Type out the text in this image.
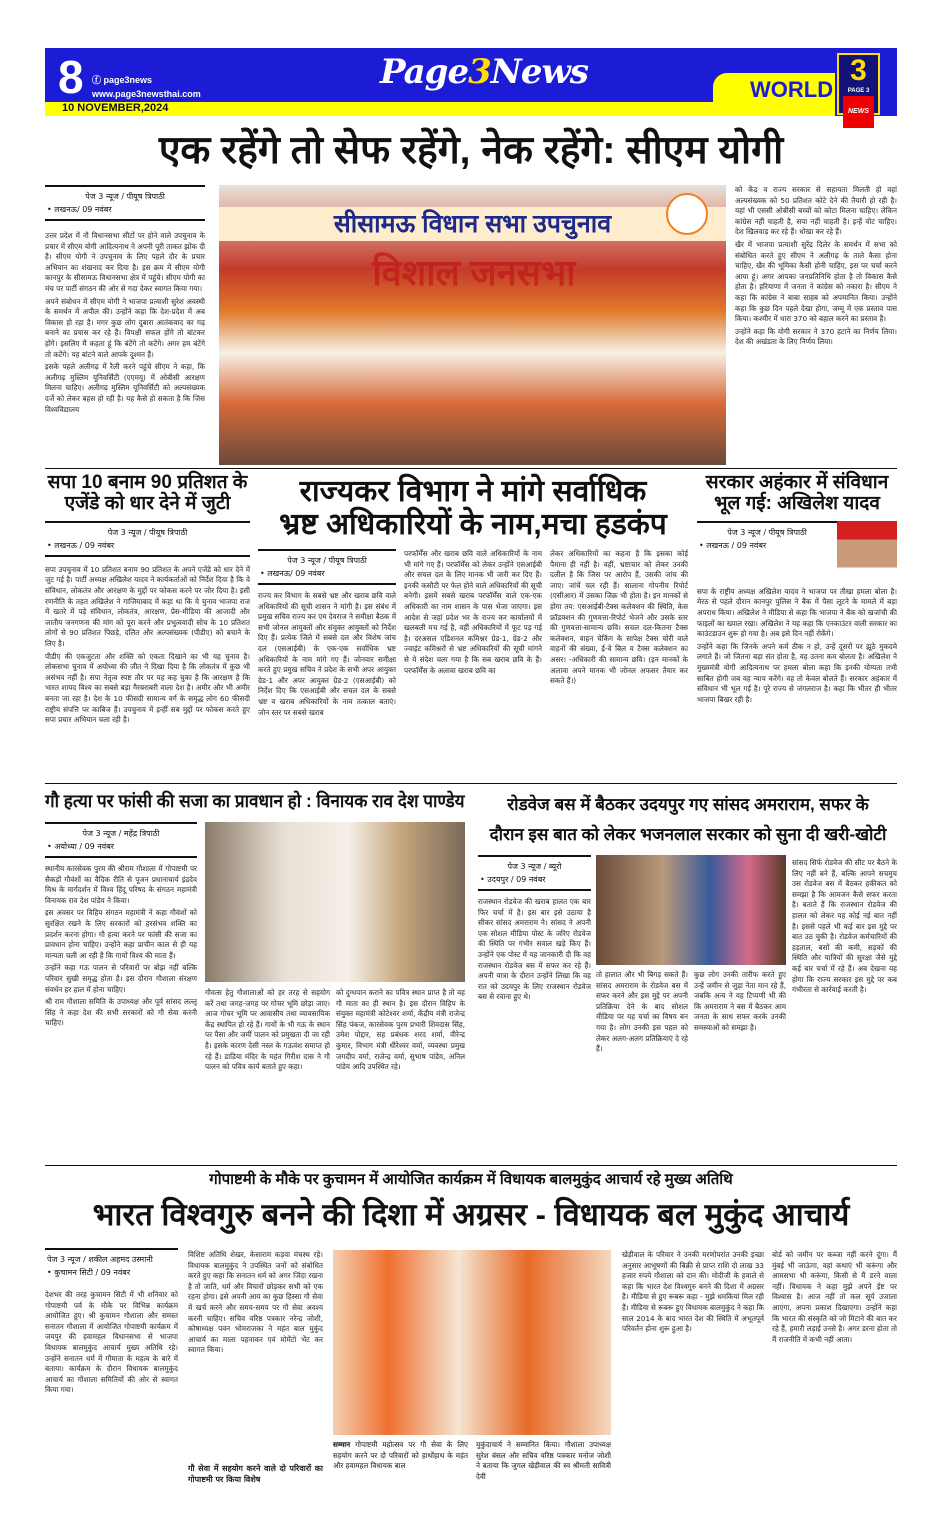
8 ⓕ page3news
www.page3newsthai.com
10 NOVEMBER,2024
Page3News	WORLD
3
PAGE 3
NEWS
एक रहेंगे तो सेफ रहेंगे, नेक रहेंगे: सीएम योगी
पेज 3 न्यूज / पीयूष त्रिपाठी
• लखनऊ/ 09 नवंबर

उत्तर प्रदेश में नौ विधानसभा सीटों पर होने वाले उपचुनाव के प्रचार में सीएम योगी आदित्यनाथ ने अपनी पूरी ताकत झोंक दी है। सीएम योगी ने उपचुनाव के लिए पहले दौर के प्रचार अभियान का शंखनाद कर दिया है। इस क्रम में सीएम योगी कानपुर के सीसामऊ विधानसभा क्षेत्र में पहुंचे। सीएम योगी का मंच पर पार्टी संगठन की ओर से गदा देकर स्वागत किया गया।

अपने संबोधन में सीएम योगी ने भाजपा प्रत्याशी सुरेश अवस्थी के समर्थन में अपील की। उन्होंने कहा कि देश-प्रदेश में अब विकास हो रहा है। मगर कुछ लोग दुबारा आतंकवाद का गढ़ बनाने का प्रयास कर रहे हैं। विपक्षी सफल होंगे तो बांटकर होंगे। इसलिए मैं कहता हूं कि बंटेंगे तो कटेंगे। अगर हम बंटेंगे तो कटेंगे। यह बांटने वाले आपके दुश्मन हैं।

इसके पहले अलीगढ़ में रैली करने पहुंचे सीएम ने कहा, कि अलीगढ़ मुस्लिम यूनिवर्सिटी (एएमयू) में ओबीसी आरक्षण मिलना चाहिए। अलीगढ़ मुस्लिम यूनिवर्सिटी को अल्पसंख्यक दर्जे को लेकर बहस हो रही है। यह कैसे हो सकता है कि जिस विश्वविद्यालय

सीसामऊ विधान सभा उपचुनाव
विशाल जनसभा

को केंद्र व राज्य सरकार से सहायता मिलती हो वहां अल्पसंख्यक को 50 प्रतिशत कोटे देने की तैयारी हो रही है। यहां भी एससी ओबीसी बच्चों को कोटा मिलना चाहिए। लेकिन कांग्रेस नहीं चाहती है, सपा नहीं चाहती है। इन्हें वोट चाहिए। देश खिलवाड़ कर रहे हैं। धोखा कर रहे हैं।

खैर में भाजपा प्रत्याशी सुरेंद्र दिलेर के समर्थन में सभा को संबोधित करते हुए सीएम ने अलीगढ़ के ताले कैसा होना चाहिए, खैर की भूमिका कैसी होनी चाहिए, इस पर चर्चा करने आया हूं। अगर आपका जनप्रतिनिधि होता है तो विकास कैसे होता है। हरियाणा में जनता ने कांग्रेस को नकारा है। सीएम ने कहा कि कांग्रेस ने बाबा साहब को अपमानित किया। उन्होंने कहा कि कुछ दिन पहले देखा होगा, जम्मू में एक प्रस्ताव पास किया। कश्मीर में धारा 370 को बहाल करने का प्रस्ताव है।

उन्होंने कहा कि योगी सरकार ने 370 हटाने का निर्णय लिया। देश की अखंडता के लिए निर्णय लिया।

सपा 10 बनाम 90 प्रतिशत के एजेंडे को धार देने में जुटी
पेज 3 न्यूज / पीयूष त्रिपाठी
• लखनऊ / 09 नवंबर

सपा उपचुनाव में 10 प्रतिशत बनाम 90 प्रतिशत के अपने एजेंडे को धार देने में जुट गई है। पार्टी अध्यक्ष अखिलेश यादव ने कार्यकर्ताओं को निर्देश दिया है कि वे संविधान, लोकतंत्र और आरक्षण के मुद्दों पर फोकस करने पर जोर दिया है। इसी रणनीति के तहत अखिलेश ने गाजियाबाद में कहा था कि ये चुनाव भाजपा राज में खतरे में पड़े संविधान, लोकतंत्र, आरक्षण, प्रेस-मीडिया की आजादी और जातीय जनगणना की मांग को पूरा करने और प्रभुत्ववादी सोच के 10 प्रतिशत लोगों से 90 प्रतिशत पिछड़े, दलित और अल्पसंख्यक (पीडीए) को बचाने के लिए है।

पीडीए की एकजुटता और शक्ति को एकता दिखाने का भी यह चुनाव है। लोकसभा चुनाव में अयोध्या की जीत ने दिखा दिया है कि लोकतंत्र में कुछ भी असंभव नहीं है। सपा नेतृत्व स्पष्ट तौर पर यह कह चुका है कि आरक्षण है कि भारत शायद विश्व का सबसे बड़ा गैरबराबरी वाला देश है। अमीर और भी अमीर बनता जा रहा है। देश के 10 फीसदी सामान्य वर्ग के समृद्ध लोग 60 फीसदी राष्ट्रीय संपत्ति पर काबिज हैं। उपचुनाव में इन्हीं सब मुद्दों पर फोकस करते हुए सपा प्रचार अभियान चला रही है।

राज्यकर विभाग ने मांगे सर्वाधिक
भ्रष्ट अधिकारियों के नाम,मचा हडकंप
पेज 3 न्यूज / पीयूष त्रिपाठी
• लखनऊ/ 09 नवंबर
राज्य कर विभाग के सबसे भ्रष्ट और खराब छवि वाले अधिकारियों की सूची शासन ने मांगी है। इस संबंध में प्रमुख सचिव राज्य कर एम देवराज ने समीक्षा बैठक में सभी जोनल आयुक्तों और संयुक्त आयुक्तों को निर्देश दिए हैं। प्रत्येक जिले में सबसे दल और विशेष जांच दल (एसआईबी) के एक-एक सर्वाधिक भ्रष्ट अधिकारियों के नाम मांगे गए हैं। जोनवार समीक्षा करते हुए प्रमुख सचिव ने प्रदेश के सभी अपर आयुक्त ग्रेड-1 और अपर आयुक्त ग्रेड-2 (एसआईबी) को निर्देश दिए कि एसआईबी और सचल दल के सबसे भ्रष्ट व खराब अधिकारियों के नाम तत्काल बताएं। जोन स्तर पर सबसे खराब
परफॉर्मेंस और खराब छवि वाले अधिकारियों के नाम भी मांगे गए हैं। परफॉर्मेंस को लेकर उन्होंने एसआईबी और सचल दल के लिए मानक भी जारी कर दिए हैं। इनकी कसौटी पर फेल होने वाले अधिकारियों की सूची बनेगी। इसमें सबसे खराब परफॉर्मेंस वाले एक-एक अधिकारी का नाम शासन के पास भेजा जाएगा। इस आदेश से जहां प्रदेश भर के राज्य कर कार्यालयों में खलबली मच गई है, वहीं अधिकारियों में फूट पड़ गई है। दरअसल एडिशनल कमिश्नर ग्रेड-1, ग्रेड-2 और ज्वाइंट कमिश्नरों से भ्रष्ट अधिकारियों की सूची मांगने से ये संदेश चला गया है कि सब खराब छवि के हैं। परफॉर्मेंस के अलावा खराब छवि का
लेकर अधिकारियों का कहना है कि इसका कोई पैमाना ही नहीं है। वहीं, भ्रष्टाचार को लेकर उनकी दलील है कि जिस पर आरोप हैं, उसकी जांच की जाए। जांचें चल रही हैं। सालाना गोपनीय रिपोर्ट (एसीआर) में उसका जिक्र भी होता है। इन मानकों से होगा तय: एसआईबी-टैक्स कलेक्शन की स्थिति, केस फ्रॉडक्शन की गुणवत्ता-रिपोर्ट भेजने और उसके स्तर की गुणवत्ता-सामान्य छवि। सचल दल-कितना टैक्स कलेक्शन, वाहन चेकिंग के सापेक्ष टैक्स चोरी वाले वाहनों की संख्या, ई-वे बिल व टैक्स कलेक्शन का असर। -अधिकारी की सामान्य छवि। (इन मानकों के अलावा अपने मानक भी जोनल अफसर तैयार कर सकते हैं।)
सरकार अहंकार में संविधान भूल गई: अखिलेश यादव
पेज 3 न्यूज / पीयूष त्रिपाठी
• लखनऊ / 09 नवंबर

सपा के राष्ट्रीय अध्यक्ष अखिलेश यादव ने भाजपा पर तीखा हमला बोला है। मेरठ से पहले दौरान कानपुर पुलिस ने बैंक में पैसा लूटने के मामले में बड़ा अपराध किया। अखिलेश ने मीडिया से कहा कि भाजपा ने बैंक को खजांची की फाइलों का ख्याल रखा। अखिलेश ने यह कहा कि एनकाउंटर वाली सरकार का काउंटडाउन शुरू हो गया है। अब इसे दिन नहीं रोकेंगे।

उन्होंने कहा कि जिनके अपने कर्म ठीक न हो, उन्हें दूसरों पर झूठे मुकदमे लगाते हैं। जो जितना बड़ा संत होता है, वह उतना कम बोलता है। अखिलेश ने मुख्यमंत्री योगी आदित्यनाथ पर हमला बोला कहा कि इनकी योग्यता तभी साबित होगी जब वह न्याय करेंगे। वह तो केवल बोलते हैं। सरकार अहंकार में संविधान भी भूल गई है। पूरे राज्य से जंगलराज है। कहा कि भीतर ही भीतर भाजपा बिखर रही है।

गौ हत्या पर फांसी की सजा का प्रावधान हो : विनायक राव देश पाण्डेय
पेज 3 न्यूज / महेंद्र त्रिपाठी
• अयोध्या / 09 नवंबर

स्थानीय कारसेवक पुरम की श्रीराम गौशाला में गोपाष्टमी पर सैकड़ों गौवंशों का वैदिक रीति से पूजन प्रधानाचार्य इंद्रदेव मिश्र के मार्गदर्शन में विश्व हिंदू परिषद के संगठन महामंत्री विनायक राव देश पांडेय ने किया।

इस अवसर पर विहिप संगठन महामंत्री ने कहा गौवंशों को सुरक्षित रखने के लिए सरकारों को हरसंभव शक्ति का प्रदर्शन करना होगा। गौ हत्या करने पर फांसी की सजा का प्रावधान होना चाहिए। उन्होंने कहा प्राचीन काल से ही यह मान्यता चली आ रही है कि गायों विश्व की माता हैं।

उन्होंने कहा गऊ पालन से परिवारों पर बोझ नहीं बल्कि परिवार सुखी समृद्ध होता है। इस दौरान गौशाला संरक्षण संवर्धन हर हाल में होना चाहिए।

श्री राम गौशाला समिति के उपाध्यक्ष और पूर्व सांसद लल्लू सिंह ने कहा देश की सभी सरकारों को गौ सेवा करनी चाहिए।

गौवत्स हेतु गौशालाओं को हर तरह से सहयोग करें तथा जगह-जगह पर गोचर भूमि छोड़ा जाए। आज गोचर भूमि पर आवासीय तथा व्यावसायिक केंद्र स्थापित हो रहे हैं। गायों के भी गऊ के स्थान पर पैसा और जमीं पालन को प्रमुखता दी जा रही है। इसके कारण देसी नस्ल के गऊवंश समाप्त हो रहे हैं। डाडिया मंदिर के महंत गिरीश दास ने गौ पालन को पवित्र कार्य बताते हुए कहा।
को दुग्धपान कराने का पवित्र स्थान प्राप्त है तो वह गौ माता का ही स्थान है। इस दौरान विहिप के संयुक्त महामंत्री कोटेश्वर शर्मा, केंद्रीय मंत्री राजेन्द्र सिंह पंकज, कारसेवक पुरम प्रभारी शिवदास सिंह, उमेश पोद्दार, सह प्रबंधक शरद शर्मा, वीरेन्द्र कुमार, विभाग मंत्री धीरेश्वर वर्मा, व्यवस्था प्रमुख जगदीप वर्मा, राजेन्द्र वर्मा, सुभाष पांडेय, अनिल पांडेय आदि उपस्थित रहे।
रोडवेज बस में बैठकर उदयपुर गए सांसद अमराराम, सफर के
दौरान इस बात को लेकर भजनलाल सरकार को सुना दी खरी-खोटी
पेज 3 न्यूज / ब्यूरो
• उदयपुर / 09 नवंबर
राजस्थान रोडवेज की खराब हालत एक बार फिर चर्चा में है। इस बार इसे उठाया है सीकर सांसद अमराराम ने। सांसद ने अपनी एक सोशल मीडिया पोस्ट के जरिए रोडवेज की स्थिति पर गंभीर सवाल खड़े किए हैं। उन्होंने एक पोस्ट में यह जानकारी दी कि वह राजस्थान रोडवेज बस में सफर कर रहे हैं। अपनी यात्रा के दौरान उन्होंने लिखा कि वह रात को उदयपुर के लिए राजस्थान रोडवेज बस से रवाना हुए थे।
तो हालात और भी बिगड़ सकते हैं। सांसद अमराराम के रोडवेज बस में सफर करने और इस मुद्दे पर अपनी प्रतिक्रिया देने के बाद सोशल मीडिया पर यह चर्चा का विषय बन गया है। लोग उनकी इस पहल को लेकर अलग-अलग प्रतिक्रियाएं दे रहे हैं।
कुछ लोग उनकी तारीफ करते हुए उन्हें जमीन से जुड़ा नेता मान रहे हैं, जबकि अन्य ने यह टिप्पणी भी की कि अमराराम ने बस में बैठकर आम जनता के साथ सफर करके उनकी समस्याओं को समझा है।
सांसद सिर्फ रोडवेज की सीट पर बैठने के लिए नहीं बने हैं, बल्कि आपने सचमुच उस रोडवेज बस में बैठकर हकीकत को समझा है कि आमजन कैसे सफर करता है। बताते हैं कि राजस्थान रोडवेज की हालत को लेकर यह कोई नई बात नहीं है। इससे पहले भी कई बार इस मुद्दे पर बात उठ चुकी है। रोडवेज कर्मचारियों की हड़ताल, बसों की कमी, सड़कों की स्थिति और यात्रियों की सुरक्षा जैसे मुद्दे कई बार चर्चा में रहे हैं। अब देखना यह होगा कि राज्य सरकार इस मुद्दे पर कब गंभीरता से कार्रवाई करती है।
गोपाष्टमी के मौके पर कुचामन में आयोजित कार्यक्रम में विधायक बालमुकुंद आचार्य रहे मुख्य अतिथि
भारत विश्वगुरु बनने की दिशा में अग्रसर - विधायक बल मुकुंद आचार्य
पेज 3 न्यूज / शकील अहमद उस्मानी
• कुचामन सिटी / 09 नवंबर
देशभर की तरह कुचामन सिटी में भी शनिवार को गोपाष्टमी पर्व के मौके पर विभिन्न कार्यक्रम आयोजित हुए। श्री कुचामन गौशाला और समस्त सनातन गौशाला में आयोजित गोपाष्टमी कार्यक्रम में जयपुर की हवामहल विधानसभा से भाजपा विधायक बालमुकुंद आचार्य मुख्य अतिथि रहे। उन्होंने सनातन धर्म में गौमाता के महत्व के बारे में बताया। कार्यक्रम के दौरान विधायक बालमुकुंद आचार्य का गौशाला समितियों की ओर से स्वागत किया गया।
विशिष्ट अतिथि शेखर, केसाराम कड़वा मंचस्थ रहे। विधायक बालमुकुंद ने उपस्थित जनों को संबोधित करते हुए कहा कि सनातन धर्म को अगर जिंदा रखना है तो जाति, धर्म और विचारों छोड़कर सभी को एक रहना होगा। इसे अपनी आय का कुछ हिस्सा गौ सेवा में खर्च करने और समय-समय पर गौ सेवा अवश्य करनी चाहिए। सचिव वरिष्ठ पत्रकार नरेन्द्र जोशी, कोषाध्यक्ष पवन भोमराजका ने महंत बाल मुकुंद आचार्य का माला पहनाकर एवं मोमेंटो भेंट कर स्वागत किया।
गौ सेवा में सहयोग करने वाले दो परिवारों का गोपाष्टमी पर किया विशेष
सम्मान गोपाष्टमी महोत्सव पर गौ सेवा के लिए सहयोग करने पर दो परिवारों को हाथोंहाथ के महंत और हवामहल विधायक बाल
मुकुंदाचार्य ने सम्मानित किया। गौशाला उपाध्यक्ष सुरेश बंसल और सचिव वरिष्ठ पत्रकार मनोज जोशी ने बताया कि जुगल खेड़ीवाल की स्व श्रीमती सावित्री देवी
खेड़ीवाल के परिवार ने उनकी मरणोपरांत उनकी इच्छा अनुसार आभूषणों की बिक्री से प्राप्त राशि दो लाख 33 हजार रुपये गौशाला को दान की। मोदीजी के हवाले से कहा कि भारत देश विश्वगुरु बनने की दिशा में अग्रसर है। मीडिया से हुए रूबरू कहा - मुझे धमकियां मिल रही हैं। मीडिया से रूबरू हुए विधायक बालमुकुंद ने कहा कि साल 2014 के बाद भारत देश की स्थिति में अभूतपूर्व परिवर्तन होना शुरू हुआ है।
बोर्ड को जमीन पर कब्जा नहीं करने दूंगा। मैं मुंबई भी जाऊंगा, वहां कथाएं भी करूंगा और आमसभा भी करूंगा, किसी से मैं डरने वाला नहीं। विधायक ने कहा मुझे अपने ईष्ट पर विश्वास है। आज नहीं तो कल सूर्य उजाला आएगा, अपना प्रकाश दिखाएगा। उन्होंने कहा कि भारत की संस्कृति को जो मिटाने की बात कर रहे हैं, हमारी लड़ाई उनसे है। अगर डरना होता तो मैं राजनीति में कभी नहीं आता।
